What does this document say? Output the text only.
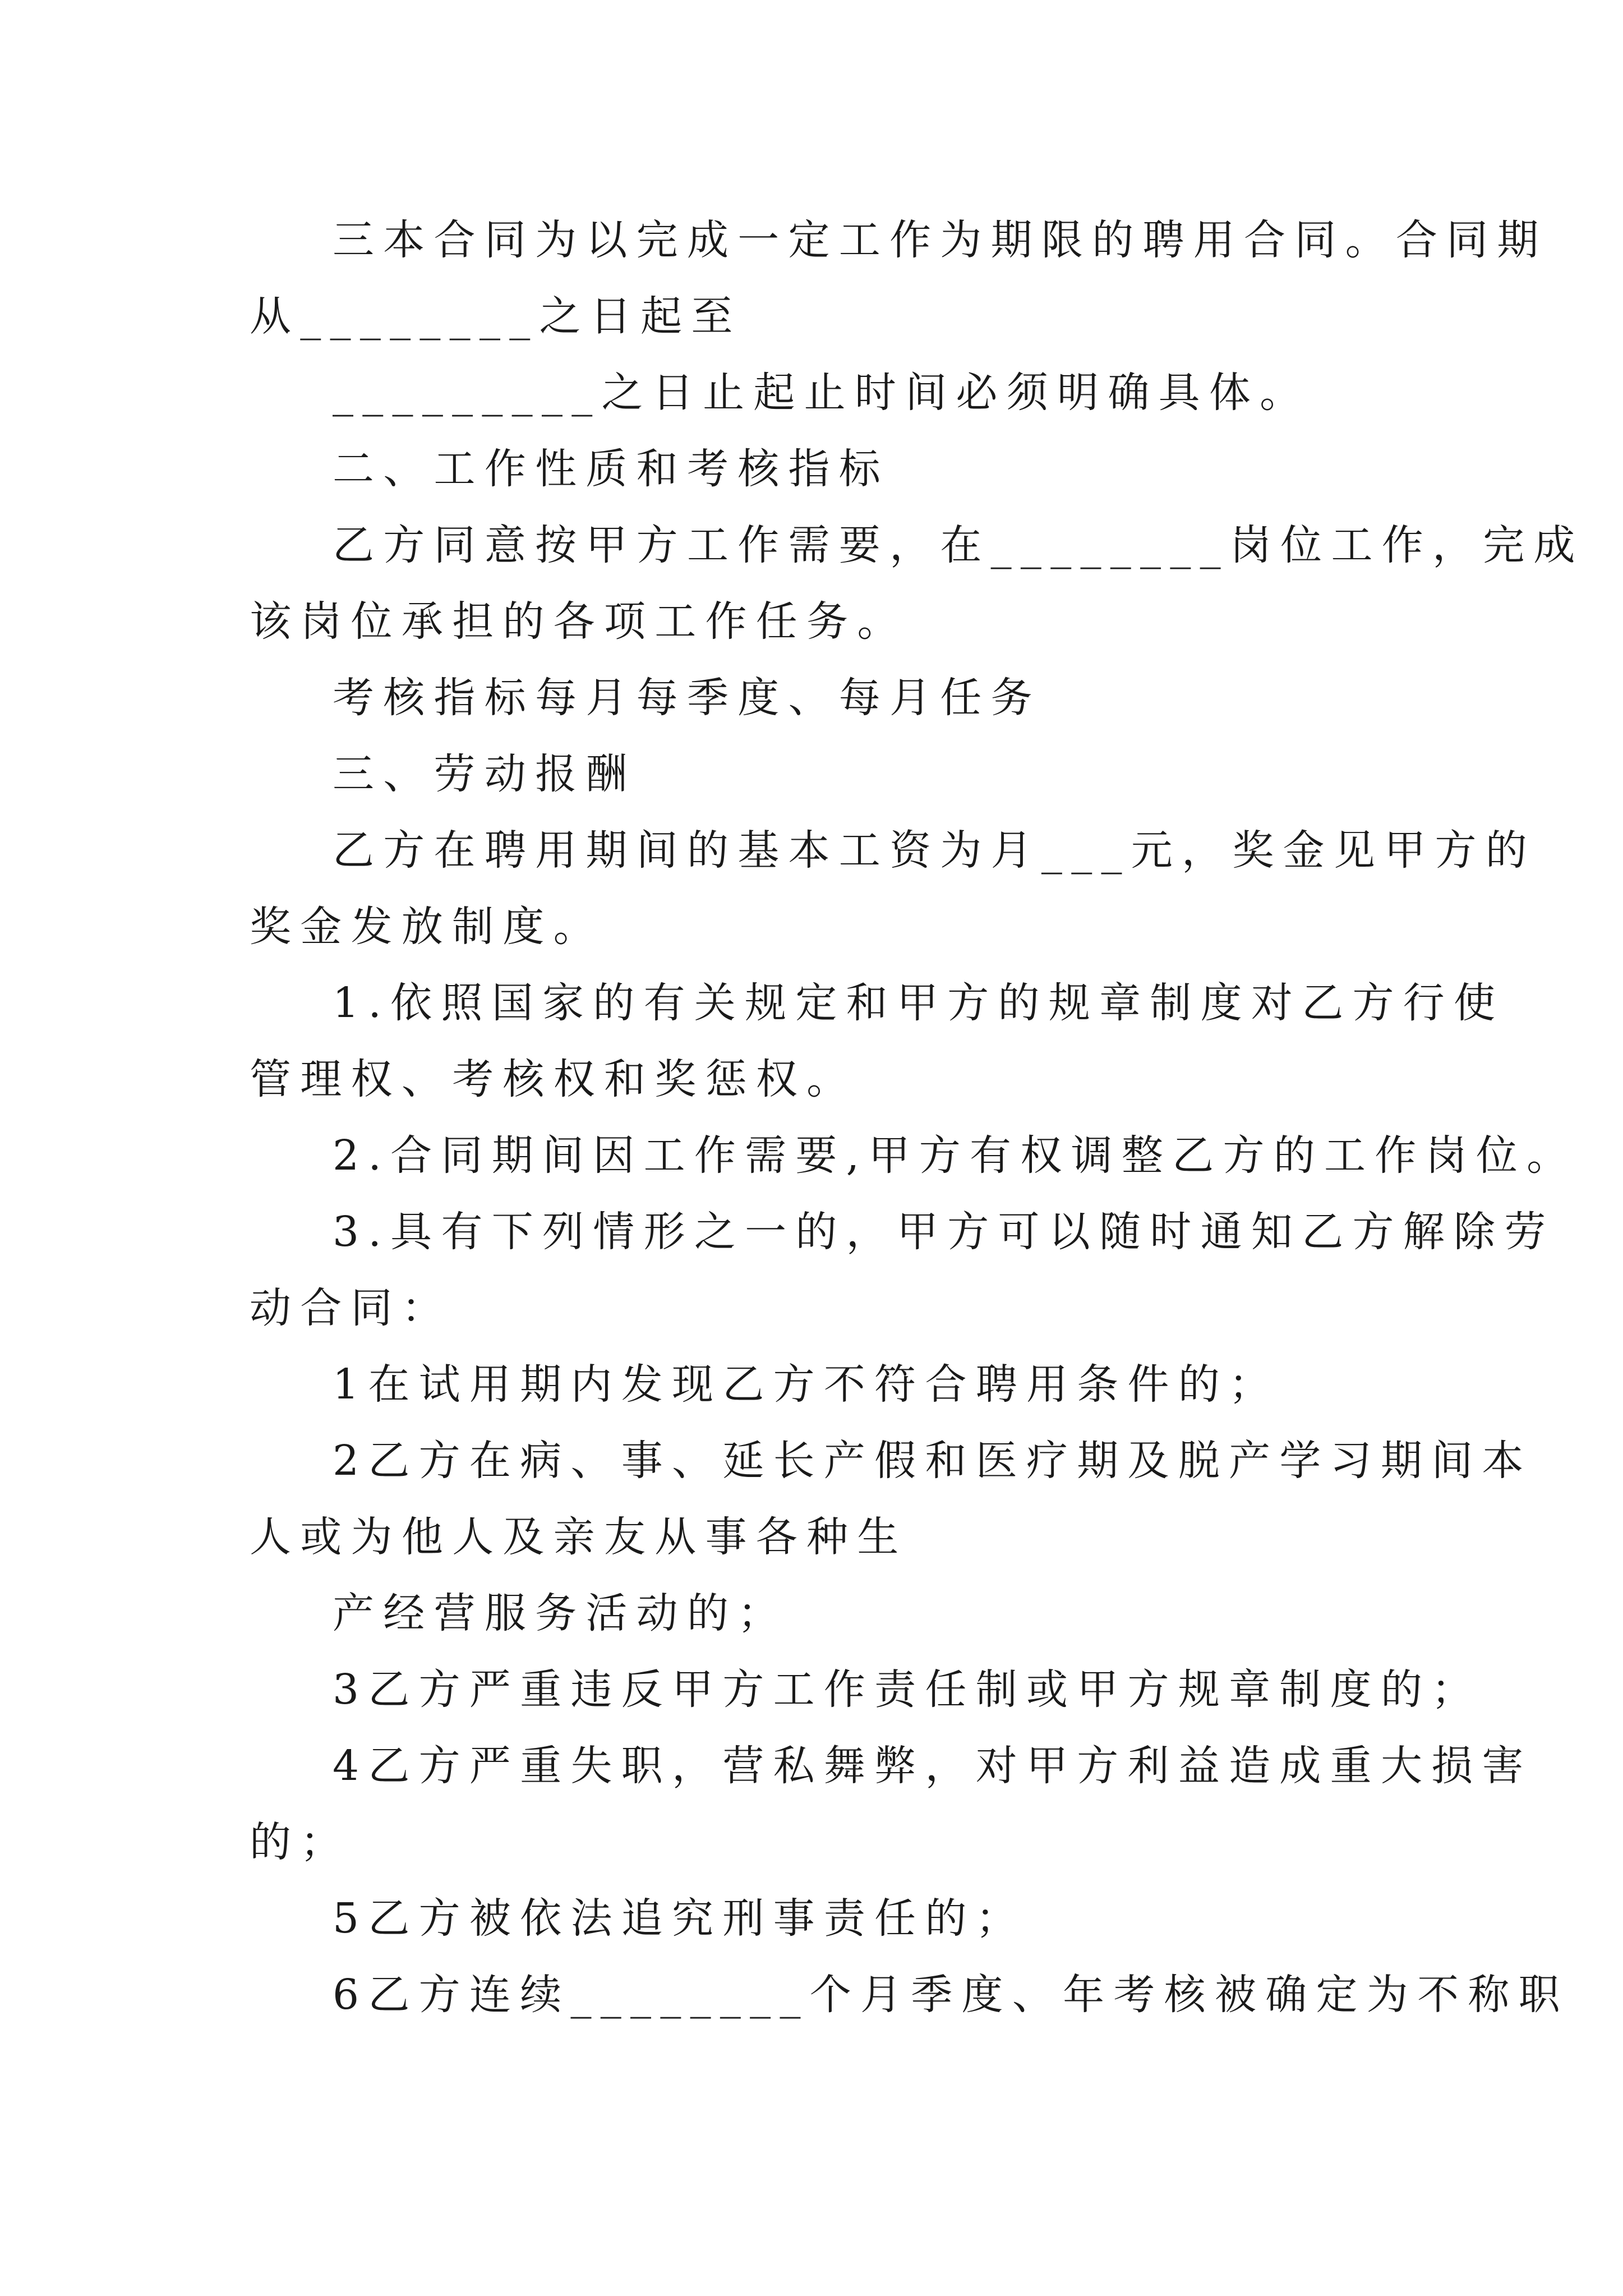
三本合同为以完成一定工作为期限的聘用合同。合同期
从________之日起至
_________之日止起止时间必须明确具体。
二、工作性质和考核指标
乙方同意按甲方工作需要，在________岗位工作，完成
该岗位承担的各项工作任务。
考核指标每月每季度、每月任务
三、劳动报酬
乙方在聘用期间的基本工资为月___元，奖金见甲方的
奖金发放制度。
1.依照国家的有关规定和甲方的规章制度对乙方行使
管理权、考核权和奖惩权。
2.合同期间因工作需要,甲方有权调整乙方的工作岗位。
3.具有下列情形之一的，甲方可以随时通知乙方解除劳
动合同：
1在试用期内发现乙方不符合聘用条件的；
2乙方在病、事、延长产假和医疗期及脱产学习期间本
人或为他人及亲友从事各种生
产经营服务活动的；
3乙方严重违反甲方工作责任制或甲方规章制度的；
4乙方严重失职，营私舞弊，对甲方利益造成重大损害
的；
5乙方被依法追究刑事责任的；
6乙方连续________个月季度、年考核被确定为不称职
